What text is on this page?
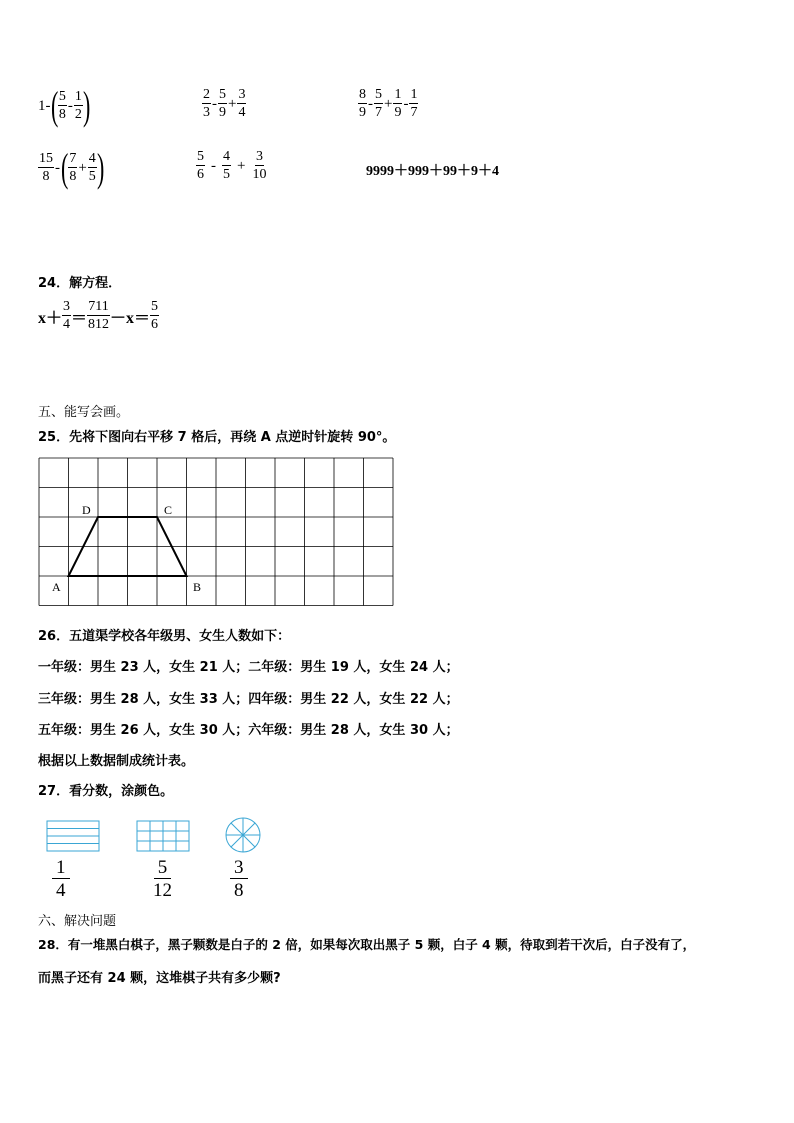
1- ( $\frac{5}{8} - \frac{1}{2}$ )	$\frac{2}{3} - \frac{5}{9} + \frac{3}{4}$	$\frac{8}{9} - \frac{5}{7} + \frac{1}{9} - \frac{1}{7}$
$\frac{15}{8}$ - ( $\frac{7}{8} + \frac{4}{5}$ )	$\frac{5}{6} - \frac{4}{5} + \frac{3}{10}$	9999＋999＋99＋9＋4
24．解方程．
$x+ \frac{3}{4} = \frac{711}{812} -x= \frac{5}{6}$
五、能写会画。
25．先将下图向右平移 7 格后，再绕 A 点逆时针旋转 90°。
D	C
A	B
26．五道渠学校各年级男、女生人数如下：
一年级：男生 23 人，女生 21 人；二年级：男生 19 人，女生 24 人；
三年级：男生 28 人，女生 33 人；四年级：男生 22 人，女生 22 人；
五年级：男生 26 人，女生 30 人；六年级：男生 28 人，女生 30 人；
根据以上数据制成统计表。
27．看分数，涂颜色。
$\frac{1}{4}$	$\frac{5}{12}$	$\frac{3}{8}$
六、解决问题
28．有一堆黑白棋子，黑子颗数是白子的 2 倍，如果每次取出黑子 5 颗，白子 4 颗，待取到若干次后，白子没有了，
而黑子还有 24 颗，这堆棋子共有多少颗?
